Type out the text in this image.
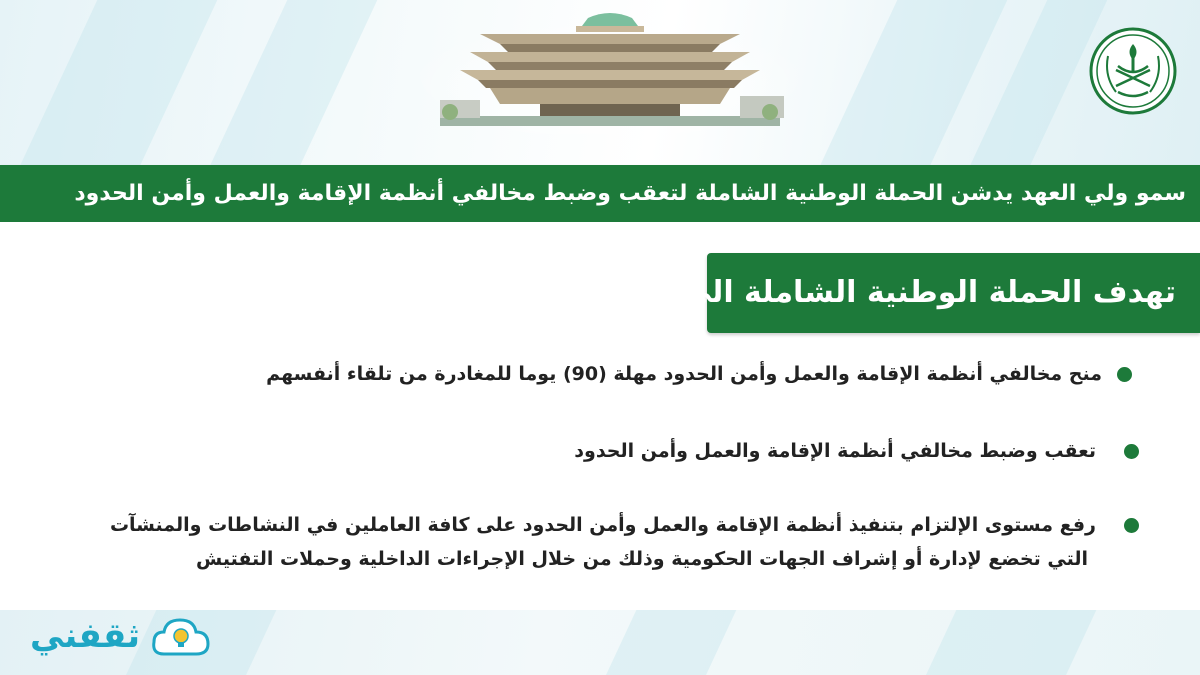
سمو ولي العهد يدشن الحملة الوطنية الشاملة لتعقب وضبط مخالفي أنظمة الإقامة والعمل وأمن الحدود
تهدف الحملة الوطنية الشاملة الى
منح مخالفي أنظمة الإقامة والعمل وأمن الحدود مهلة (90) يوما للمغادرة من تلقاء أنفسهم
تعقب وضبط مخالفي أنظمة الإقامة والعمل وأمن الحدود
رفع مستوى الإلتزام بتنفيذ أنظمة الإقامة والعمل وأمن الحدود على كافة العاملين في النشاطات والمنشآت
التي تخضع لإدارة أو إشراف الجهات الحكومية وذلك من خلال الإجراءات الداخلية وحملات التفتيش
ثقفني
